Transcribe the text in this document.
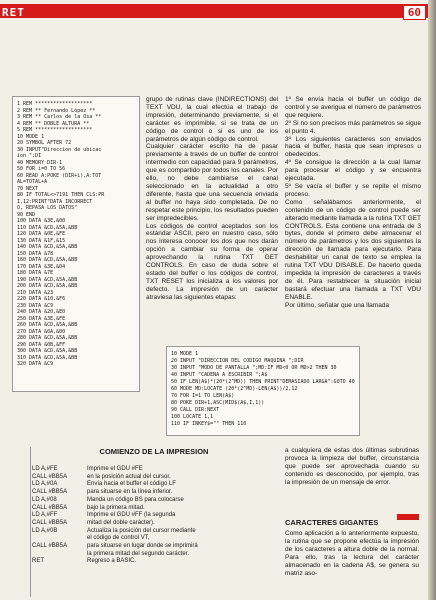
RET	60
1 REM *******************
2 REM ** Fernando López **
3 REM ** Carlos de la Osa **
4 REM ** DOBLE ALTURA **
5 REM *******************
10 MODE 1
20 SYMBOL AFTER 72
30 INPUT"Direccion de ubicac
ion ";DI
40 MEMORY DIR-1
50 FOR i=0 TO 56
60 READ A:POKE (DIR+i),A:TOT
AL=TOTAL+A
70 NEXT
80 IF TOTAL<>7191 THEN CLS:PR
I,12:PRINT"DATA INCORRECT
O, REPASA LOS DATOS"
90 END
100 DATA &3E,&00
110 DATA &CD,&5A,&BB
120 DATA &0E,&FE
130 DATA &1F,&15
140 DATA &CD,&5A,&BB
150 DATA &78
160 DATA &CD,&5A,&BB
170 DATA &3E,&04
180 DATA &7E
190 DATA &CD,&5A,&BB
200 DATA &CD,&5A,&BB
210 DATA &23
220 DATA &10,&F6
230 DATA &C9
240 DATA &20,&E0
250 DATA &3E,&FE
260 DATA &CD,&5A,&BB
270 DATA &0A,&00
280 DATA &CD,&5A,&BB
290 DATA &0B,&FF
300 DATA &CD,&5A,&BB
310 DATA &CD,&5A,&BB
320 DATA &C9

grupo de rutinas clave (INDIRECTIONS) del TEXT VDU, la cual efectúa el trabajo de impresión, determinando previamente, si el carácter es imprimible, si se trata de un código de control o si es uno de los parámetros de algún código de control.

Cualquier carácter escrito ha de pasar previamente a través de un buffer de control intermedio con capacidad para 9 parámetros, que es compartido por todos los canales. Por ello, no debe cambiarse el canal seleccionado en la actualidad a otro diferente, hasta que una secuencia enviada al buffer no haya sido completada. De no respetar este principio, los resultados pueden ser impredecibles.

Los códigos de control aceptados son los estándar ASCII, pero en nuestro caso, sólo nos interesa conocer los dos que nos darán opción a cambiar su forma de operar aprovechando la rutina TXT GET CONTROLS. En caso de duda sobre el estado del buffer o los códigos de control, TXT RESET los inicializa a los valores por defecto. La impresión de un carácter atraviesa las siguientes etapas:

1º Se envía hacia el buffer un código de control y se averigua el número de parámetros que requiere.

2º Si no son precisos más parámetros se sigue el punto 4.

3º Los siguientes caracteres son enviados hacia el buffer, hasta que sean impresos u obedecidos.

4º Se consigue la dirección a la cual llamar para procesar el código y se encuentra ejecutada.

5º Se vacía el buffer y se repite el mismo proceso.

Como señalábamos anteriormente, el contenido de un código de control puede ser alterado mediante llamada a la rutina TXT GET CONTROLS. Esta contiene una entrada de 3 bytes, donde el primero debe almacenar el número de parámetros y los dos siguientes la dirección de llamada para ejecutarlo. Para deshabilitar un canal de texto se emplea la rutina TXT VDU DISABLE. De hacerlo queda impedida la impresión de caracteres a través de él. Para restablecer la situación inicial bastará efectuar una llamada a TXT VDU ENABLE.

Por último, señalar que una llamada

10 MODE 1
20 INPUT "DIRECCION DEL CODIGO MAQUINA ";DIR
30 INPUT "MODO DE PANTALLA ";MD:IF MD<0 OR MD>2 THEN 30
40 INPUT "CADENA A ESCRIBIR ";A$
50 IF LEN(A$)*(20*(2^MD)) THEN PRINT"DEMASIADO LARGA":GOTO 40
60 MODE MD:LOCATE (20*(2^MD)-LEN(A$))/2,12
70 FOR I=1 TO LEN(A$)
80 POKE DIR+1,ASC(MID$(A$,I,1))
90 CALL DIR:NEXT
100 LOCATE 1,1
110 IF INKEY$="" THEN 110
COMIENZO DE LA IMPRESION
LD A,#FE	Imprime el GDU #FE
CALL #BB5A	en la posición actual del cursor.
LD A,#0A	Envía hacia el buffer el código LF
CALL #BB5A	para situarse en la línea inferior.
LD A,#08	Manda un código BS para colocarse
CALL #BB5A	bajo la primera mitad.
LD A,#FF	Imprime el GDU #FF (la segunda
CALL #BB5A	mitad del doble carácter).
LD A,#0B	Actualiza la posición del cursor mediante
el código de control VT,
CALL #BB5A	para situarse en lugar donde se imprimirá
la primera mitad del segundo carácter.
RET	Regreso a BASIC.
a cualquiera de estas dos últimas subrutinas provoca la limpieza del buffer, circunstancia que puede ser aprovechada cuando su contenido es desconocido, por ejemplo, tras la impresión de un mensaje de error.
CARACTERES GIGANTES
Como aplicación a lo anteriormente expuesto, la rutina que se propone efectúa la impresión de los caracteres a altura doble de la normal. Para ello, tras la lectura del carácter almacenado en la cadena A$, se genera su matriz aso-
